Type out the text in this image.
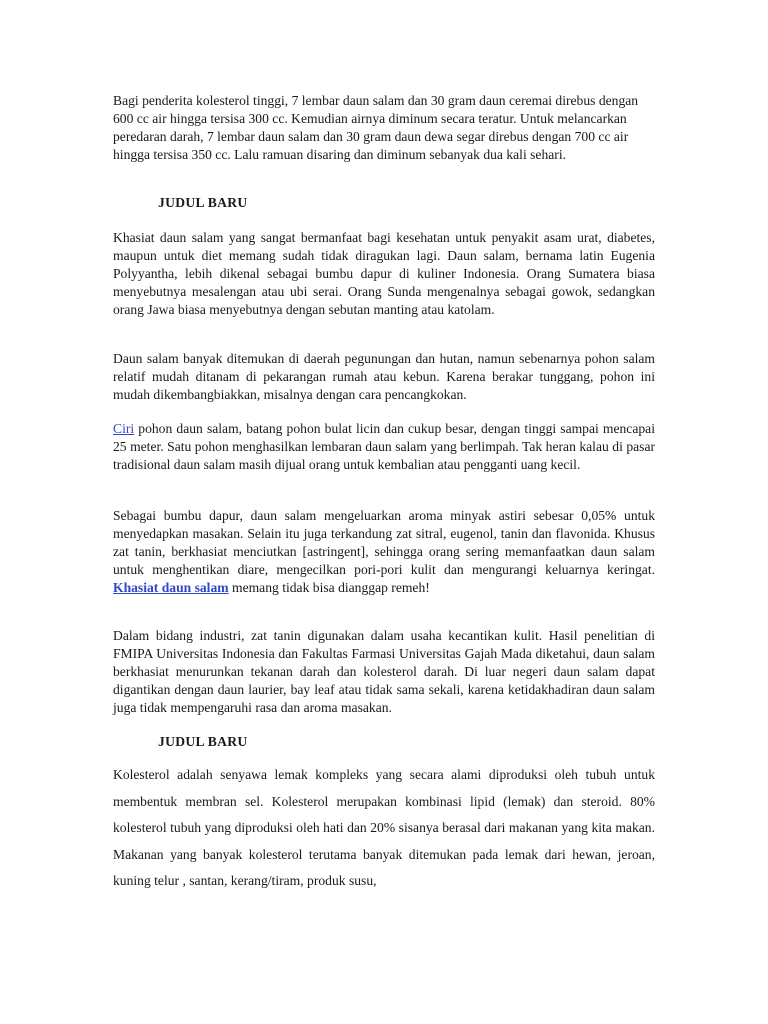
Bagi penderita kolesterol tinggi, 7 lembar daun salam dan 30 gram daun ceremai direbus dengan 600 cc air hingga tersisa 300 cc. Kemudian airnya diminum secara teratur. Untuk melancarkan peredaran darah, 7 lembar daun salam dan 30 gram daun dewa segar direbus dengan 700 cc air hingga tersisa 350 cc. Lalu ramuan disaring dan diminum sebanyak dua kali sehari.

JUDUL BARU

Khasiat daun salam yang sangat bermanfaat bagi kesehatan untuk penyakit asam urat, diabetes, maupun untuk diet memang sudah tidak diragukan lagi. Daun salam, bernama latin Eugenia Polyyantha, lebih dikenal sebagai bumbu dapur di kuliner Indonesia. Orang Sumatera biasa menyebutnya mesalengan atau ubi serai. Orang Sunda mengenalnya sebagai gowok, sedangkan orang Jawa biasa menyebutnya dengan sebutan manting atau katolam.

Daun salam banyak ditemukan di daerah pegunungan dan hutan, namun sebenarnya pohon salam relatif mudah ditanam di pekarangan rumah atau kebun. Karena berakar tunggang, pohon ini mudah dikembangbiakkan, misalnya dengan cara pencangkokan.

Ciri pohon daun salam, batang pohon bulat licin dan cukup besar, dengan tinggi sampai mencapai 25 meter. Satu pohon menghasilkan lembaran daun salam yang berlimpah. Tak heran kalau di pasar tradisional daun salam masih dijual orang untuk kembalian atau pengganti uang kecil.

Sebagai bumbu dapur, daun salam mengeluarkan aroma minyak astiri sebesar 0,05% untuk menyedapkan masakan. Selain itu juga terkandung zat sitral, eugenol, tanin dan flavonida. Khusus zat tanin, berkhasiat menciutkan [astringent], sehingga orang sering memanfaatkan daun salam untuk menghentikan diare, mengecilkan pori-pori kulit dan mengurangi keluarnya keringat. Khasiat daun salam memang tidak bisa dianggap remeh!

Dalam bidang industri, zat tanin digunakan dalam usaha kecantikan kulit. Hasil penelitian di FMIPA Universitas Indonesia dan Fakultas Farmasi Universitas Gajah Mada diketahui, daun salam berkhasiat menurunkan tekanan darah dan kolesterol darah. Di luar negeri daun salam dapat digantikan dengan daun laurier, bay leaf atau tidak sama sekali, karena ketidakhadiran daun salam juga tidak mempengaruhi rasa dan aroma masakan.

JUDUL BARU

Kolesterol adalah senyawa lemak kompleks yang secara alami diproduksi oleh tubuh untuk membentuk membran sel. Kolesterol merupakan kombinasi lipid (lemak) dan steroid. 80% kolesterol tubuh yang diproduksi oleh hati dan 20% sisanya berasal dari makanan yang kita makan. Makanan yang banyak kolesterol terutama banyak ditemukan pada lemak dari hewan, jeroan, kuning telur , santan, kerang/tiram, produk susu,
